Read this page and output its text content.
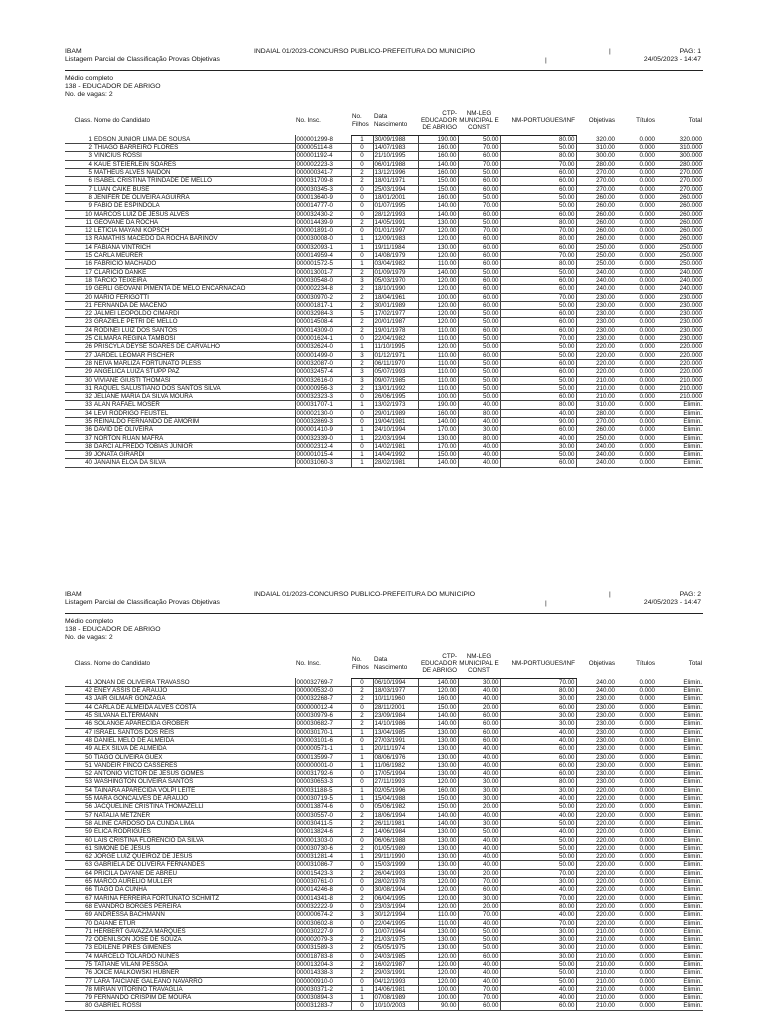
IBAM
Listagem Parcial de Classificação Provas Objetivas
INDAIAL 01/2023-CONCURSO PUBLICO-PREFEITURA DO MUNICIPIO	|
|
PAG: 1
24/05/2023 - 14:47
Médio completo
138 - EDUCADOR DE ABRIGO
No. de vagas: 2
Class.	Nome do Candidato	No. Insc.	No. Filhos	Data Nascimento	CTP-EDUCADOR DE ABRIGO	NM-LEG MUNICIPAL E CONST	NM-PORTUGUES/INF	Objetivas	Títulos	Total
1	EDSON JUNIOR LIMA DE SOUSA	000001299-8	1	30/09/1988	190.00	50.00	80.00	320.00	0.000	320.000
2	THIAGO BARREIRO FLORES	000005114-8	0	14/07/1983	160.00	70.00	50.00	310.00	0.000	310.000
3	VINICIUS ROSSI	000001192-4	0	21/10/1995	160.00	60.00	80.00	300.00	0.000	300.000
4	KAUE STEIERLEIN SOARES	000002223-3	0	06/01/1988	140.00	70.00	70.00	280.00	0.000	280.000
5	MATHEUS ALVES NAIDON	000000341-7	2	13/12/1996	160.00	50.00	60.00	270.00	0.000	270.000
6	ISABEL CRISTINA TRINDADE DE MELLO	000031709-8	2	18/01/1971	150.00	60.00	60.00	270.00	0.000	270.000
7	LUAN CAIKE BUSE	000030345-3	0	25/03/1994	150.00	60.00	60.00	270.00	0.000	270.000
8	JENIFER DE OLIVEIRA AGUIRRA	000013640-9	0	18/01/2001	160.00	50.00	50.00	260.00	0.000	260.000
9	FABIO DE ESPINDOLA	000014777-0	0	01/07/1995	140.00	70.00	50.00	260.00	0.000	260.000
10	MARCOS LUIZ DE JESUS ALVES	000032430-2	0	28/12/1993	140.00	60.00	60.00	260.00	0.000	260.000
11	GEOVANE DA ROCHA	000014439-9	2	14/05/1991	130.00	50.00	80.00	260.00	0.000	260.000
12	LETICIA MAYANI KOPSCH	000001891-0	0	01/01/1997	120.00	70.00	70.00	260.00	0.000	260.000
13	RAMATHIS MACEDO DA ROCHA BARINOV	000030008-0	1	12/09/1983	120.00	60.00	80.00	260.00	0.000	260.000
14	FABIANA VINTRICH	000032093-1	1	19/11/1984	130.00	60.00	60.00	250.00	0.000	250.000
15	CARLA MEURER	000014959-4	0	14/08/1979	120.00	60.00	70.00	250.00	0.000	250.000
16	FABRICIO MACHADO	000001572-5	1	03/04/1982	110.00	60.00	80.00	250.00	0.000	250.000
17	CLARICIO DANKE	000013001-7	2	01/09/1979	140.00	50.00	50.00	240.00	0.000	240.000
18	TARCIO TEIXEIRA	000030548-0	3	05/03/1970	120.00	60.00	60.00	240.00	0.000	240.000
19	GERLI GEOVANI PIMENTA DE MELO ENCARNACAO	000002234-8	2	18/10/1990	120.00	60.00	60.00	240.00	0.000	240.000
20	MARIO FERIGOTTI	000030970-2	2	18/04/1961	100.00	60.00	70.00	230.00	0.000	230.000
21	FERNANDA DE MACENO	000001817-1	2	30/01/1989	120.00	60.00	50.00	230.00	0.000	230.000
22	JALMEI LEOPOLDO CIMARDI	000032984-3	5	17/02/1977	120.00	50.00	60.00	230.00	0.000	230.000
23	GRAZIELE PETRI DE MELLO	000014508-4	2	20/01/1987	120.00	50.00	60.00	230.00	0.000	230.000
24	RODINEI LUIZ DOS SANTOS	000014309-0	2	19/01/1978	110.00	60.00	60.00	230.00	0.000	230.000
25	CILMARA REGINA TAMBOSI	000001624-1	0	22/04/1982	110.00	50.00	70.00	230.00	0.000	230.000
26	PRISCYLA DEYSE SOARES DE CARVALHO	000032624-0	1	11/10/1995	120.00	50.00	50.00	220.00	0.000	220.000
27	JARDEL LEOMAR FISCHER	000001499-0	3	01/12/1971	110.00	60.00	50.00	220.00	0.000	220.000
28	NEIVA MARLIZA FORTUNATO PLESS	000032087-0	2	06/11/1970	110.00	50.00	60.00	220.00	0.000	220.000
29	ANGELICA LUIZA STUPP PAZ	000032457-4	3	05/07/1993	110.00	50.00	60.00	220.00	0.000	220.000
30	VIVIANE GIUSTI THOMASI	000032616-0	3	09/07/1985	110.00	50.00	50.00	210.00	0.000	210.000
31	RAQUEL SALUSTIANO DOS SANTOS SILVA	000000956-3	2	13/01/1992	110.00	50.00	50.00	210.00	0.000	210.000
32	JELIANE MARIA DA SILVA MOURA	000032323-3	0	26/06/1995	100.00	50.00	60.00	210.00	0.000	210.000
33	ALAN RAFAEL MOSER	000031707-1	1	13/02/1973	190.00	40.00	80.00	310.00	0.000	Elimin.
34	LEVI RODRIGO FEUSTEL	000002130-0	0	29/01/1989	160.00	80.00	40.00	280.00	0.000	Elimin.
35	REINALDO FERNANDO DE AMORIM	000032869-3	0	19/04/1981	140.00	40.00	90.00	270.00	0.000	Elimin.
36	DAVID DE OLIVEIRA	000001410-9	1	24/10/1994	170.00	30.00	60.00	260.00	0.000	Elimin.
37	NORTON RUAN MAFRA	000032339-0	1	22/03/1994	130.00	80.00	40.00	250.00	0.000	Elimin.
38	DARCI ALFREDO TOBIAS JUNIOR	000002312-4	0	14/02/1981	170.00	40.00	30.00	240.00	0.000	Elimin.
39	JONATA GIRARDI	000001015-4	1	14/04/1992	150.00	40.00	50.00	240.00	0.000	Elimin.
40	JANAINA ELOA DA SILVA	000031060-3	1	28/02/1981	140.00	40.00	60.00	240.00	0.000	Elimin.
IBAM
Listagem Parcial de Classificação Provas Objetivas
INDAIAL 01/2023-CONCURSO PUBLICO-PREFEITURA DO MUNICIPIO	|
|
PAG: 2
24/05/2023 - 14:47
Médio completo
138 - EDUCADOR DE ABRIGO
No. de vagas: 2
Class.	Nome do Candidato	No. Insc.	No. Filhos	Data Nascimento	CTP-EDUCADOR DE ABRIGO	NM-LEG MUNICIPAL E CONST	NM-PORTUGUES/INF	Objetivas	Títulos	Total
41	JONAN DE OLIVEIRA TRAVASSO	000032769-7	0	06/10/1994	140.00	30.00	70.00	240.00	0.000	Elimin.
42	ENEY ASSIS DE ARAUJO	000000532-0	2	18/03/1977	120.00	40.00	80.00	240.00	0.000	Elimin.
43	JAIR GILMAR GONZAGA	000032268-7	2	10/11/1960	160.00	40.00	30.00	230.00	0.000	Elimin.
44	CARLA DE ALMEIDA ALVES COSTA	000000012-4	0	28/11/2001	150.00	20.00	60.00	230.00	0.000	Elimin.
45	SILVANA ELTERMANN	000030979-6	2	23/09/1984	140.00	60.00	30.00	230.00	0.000	Elimin.
46	SOLANGE APARECIDA GROBER	000030682-7	2	14/10/1986	140.00	60.00	30.00	230.00	0.000	Elimin.
47	ISRAEL SANTOS DOS REIS	000030170-1	1	13/04/1985	130.00	60.00	40.00	230.00	0.000	Elimin.
48	DANIEL MELO DE ALMEIDA	000003101-6	0	27/03/1991	130.00	60.00	40.00	230.00	0.000	Elimin.
49	ALEX SILVA DE ALMEIDA	000000571-1	1	20/11/1974	130.00	40.00	60.00	230.00	0.000	Elimin.
50	TIAGO OLIVEIRA GUEX	000013599-7	1	08/06/1976	130.00	40.00	60.00	230.00	0.000	Elimin.
51	VANDEIR FINCO CASSERES	000000001-0	1	11/06/1982	130.00	40.00	60.00	230.00	0.000	Elimin.
52	ANTONIO VICTOR DE JESUS GOMES	000031792-6	0	17/05/1994	130.00	40.00	60.00	230.00	0.000	Elimin.
53	WASHINGTON OLIVEIRA SANTOS	000030653-3	0	27/11/1993	120.00	30.00	80.00	230.00	0.000	Elimin.
54	TAINARA APARECIDA VOLPI LEITE	000031188-5	1	02/05/1996	160.00	30.00	30.00	220.00	0.000	Elimin.
55	MARA GONCALVES DE ARAUJO	000030719-5	1	15/04/1988	150.00	30.00	40.00	220.00	0.000	Elimin.
56	JACQUELINE CRISTINA THOMAZELLI	000013874-6	0	05/06/1982	150.00	20.00	50.00	220.00	0.000	Elimin.
57	NATALIA METZNER	000030557-0	2	18/06/1994	140.00	40.00	40.00	220.00	0.000	Elimin.
58	ALINE CARDOSO DA CUNDA LIMA	000030411-5	2	26/11/1981	140.00	30.00	50.00	220.00	0.000	Elimin.
59	ELICA RODRIGUES	000013824-6	2	14/06/1984	130.00	50.00	40.00	220.00	0.000	Elimin.
60	LAIS CRISTINA FLORENCIO DA SILVA	000001303-0	0	06/06/1988	130.00	40.00	50.00	220.00	0.000	Elimin.
61	SIMONE DE JESUS	000030730-6	2	01/05/1989	130.00	40.00	50.00	220.00	0.000	Elimin.
62	JORGE LUIZ QUEIROZ DE JESUS	000031281-4	1	29/11/1990	130.00	40.00	50.00	220.00	0.000	Elimin.
63	GABRIELA DE OLIVEIRA FERNANDES	000031086-7	0	15/03/1999	130.00	40.00	50.00	220.00	0.000	Elimin.
64	PRICILA DAYANE DE ABREU	000015423-3	2	26/04/1993	130.00	20.00	70.00	220.00	0.000	Elimin.
65	MARCO AURELIO MULLER	000030761-0	0	28/02/1978	120.00	70.00	30.00	220.00	0.000	Elimin.
66	TIAGO DA CUNHA	000014246-8	0	30/08/1994	120.00	60.00	40.00	220.00	0.000	Elimin.
67	MARINA FERREIRA FORTUNATO SCHMITZ	000014341-8	2	06/04/1995	120.00	30.00	70.00	220.00	0.000	Elimin.
68	EVANDRO BORGES PEREIRA	000032222-9	0	23/03/1994	120.00	20.00	80.00	220.00	0.000	Elimin.
69	ANDRESSA BACHMANN	000000674-2	3	30/12/1994	110.00	70.00	40.00	220.00	0.000	Elimin.
70	DAIANE ETUR	000030602-8	0	22/04/1995	110.00	40.00	70.00	220.00	0.000	Elimin.
71	HERBERT GAVAZZA MARQUES	000030227-9	0	10/07/1964	130.00	50.00	30.00	210.00	0.000	Elimin.
72	ODENILSON JOSE DE SOUZA	000002079-3	2	21/03/1975	130.00	50.00	30.00	210.00	0.000	Elimin.
73	EDILENE PIRES GIMENES	000031589-3	2	05/05/1975	130.00	50.00	30.00	210.00	0.000	Elimin.
74	MARCELO TOLARDO NUNES	000018783-8	0	24/03/1985	120.00	60.00	30.00	210.00	0.000	Elimin.
75	TATIANE VILANI PESSOA	000013204-3	2	16/02/1987	120.00	40.00	50.00	210.00	0.000	Elimin.
76	JOICE MALKOWSKI HUBNER	000014338-3	2	29/03/1991	120.00	40.00	50.00	210.00	0.000	Elimin.
77	LARA TAICIANE GALEANO NAVARRO	000000910-0	0	04/12/1993	120.00	40.00	50.00	210.00	0.000	Elimin.
78	MIRIAN VITORINO TRAVAGLIA	000030371-2	1	14/06/1981	100.00	70.00	40.00	210.00	0.000	Elimin.
79	FERNANDO CRISPIM DE MOURA	000030894-3	1	07/08/1989	100.00	70.00	40.00	210.00	0.000	Elimin.
80	GABRIEL ROSSI	000031283-7	0	10/10/2003	90.00	60.00	60.00	210.00	0.000	Elimin.
